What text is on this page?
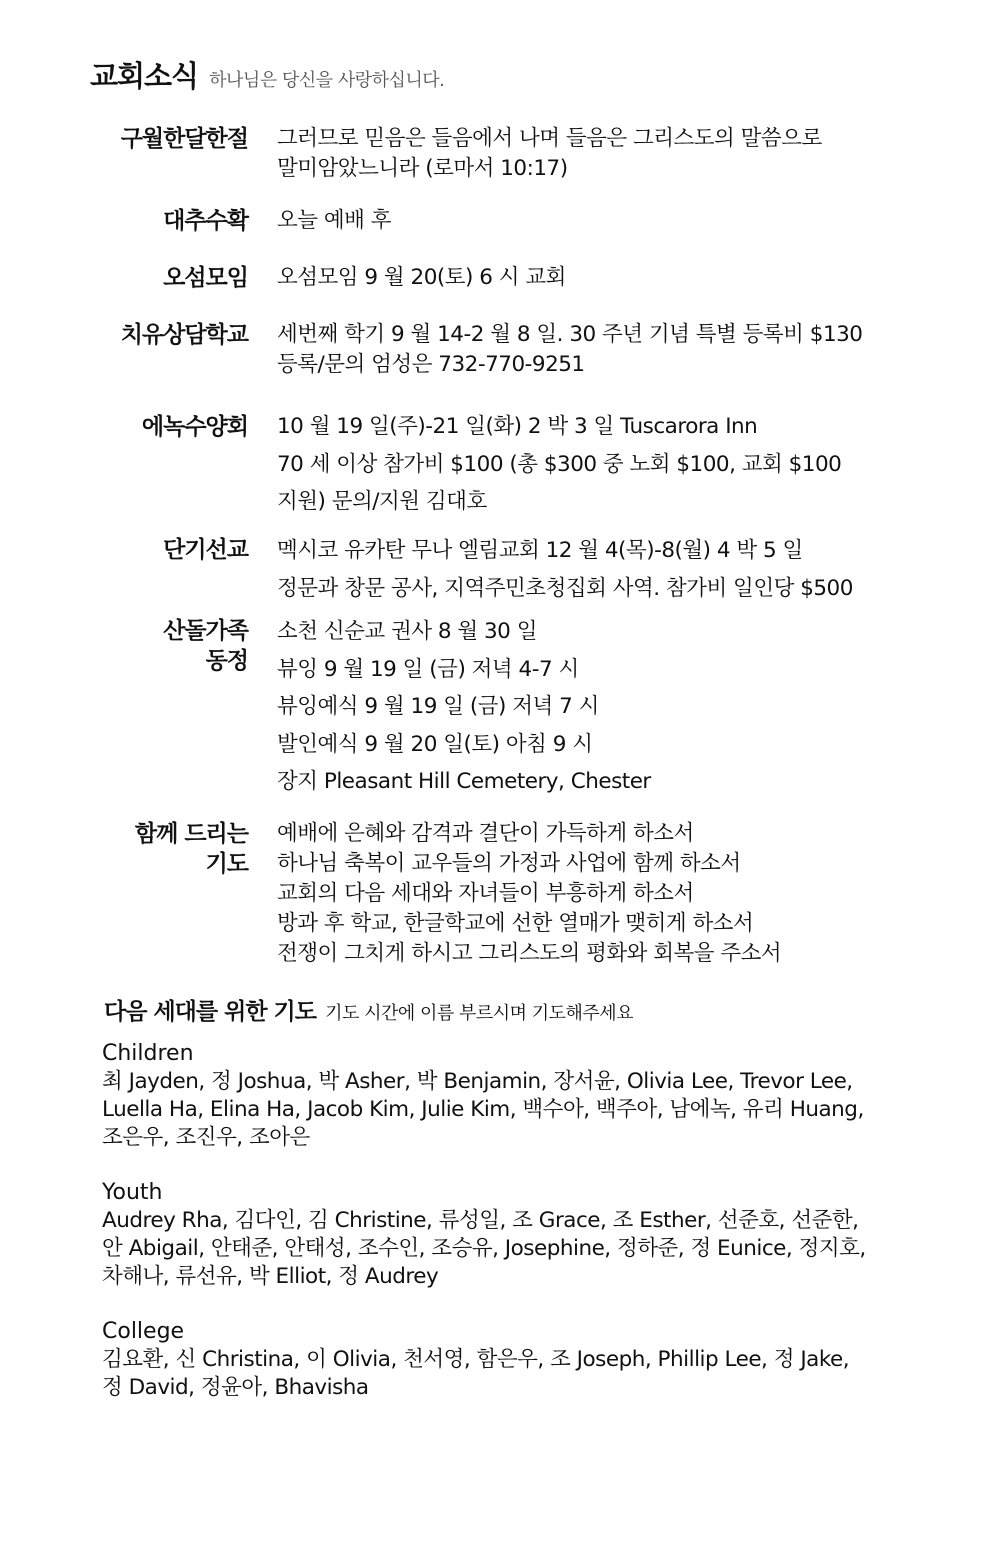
교회소식 하나님은 당신을 사랑하십니다.
구월한달한절 그러므로 믿음은 들음에서 나며 들음은 그리스도의 말씀으로
말미암았느니라 (로마서 10:17)
대추수확 오늘 예배 후
오섬모임 오섬모임 9 월 20(토) 6 시 교회
치유상담학교 세번째 학기 9 월 14-2 월 8 일. 30 주년 기념 특별 등록비 $130
등록/문의 엄성은 732-770-9251
에녹수양회 10 월 19 일(주)-21 일(화) 2 박 3 일 Tuscarora Inn
70 세 이상 참가비 $100 (총 $300 중 노회 $100, 교회 $100
지원) 문의/지원 김대호
단기선교 멕시코 유카탄 무나 엘림교회 12 월 4(목)-8(월) 4 박 5 일
정문과 창문 공사, 지역주민초청집회 사역. 참가비 일인당 $500
산돌가족
동정
소천 신순교 권사 8 월 30 일
뷰잉 9 월 19 일 (금) 저녁 4-7 시
뷰잉예식 9 월 19 일 (금) 저녁 7 시
발인예식 9 월 20 일(토) 아침 9 시
장지 Pleasant Hill Cemetery, Chester
함께 드리는
기도
예배에 은혜와 감격과 결단이 가득하게 하소서
하나님 축복이 교우들의 가정과 사업에 함께 하소서
교회의 다음 세대와 자녀들이 부흥하게 하소서
방과 후 학교, 한글학교에 선한 열매가 맺히게 하소서
전쟁이 그치게 하시고 그리스도의 평화와 회복을 주소서
다음 세대를 위한 기도 기도 시간에 이름 부르시며 기도해주세요
Children
최 Jayden, 정 Joshua, 박 Asher, 박 Benjamin, 장서윤, Olivia Lee, Trevor Lee,
Luella Ha, Elina Ha, Jacob Kim, Julie Kim, 백수아, 백주아, 남에녹, 유리 Huang,
조은우, 조진우, 조아은
Youth
Audrey Rha, 김다인, 김 Christine, 류성일, 조 Grace, 조 Esther, 선준호, 선준한,
안 Abigail, 안태준, 안태성, 조수인, 조승유, Josephine, 정하준, 정 Eunice, 정지호,
차해나, 류선유, 박 Elliot, 정 Audrey
College
김요환, 신 Christina, 이 Olivia, 천서영, 함은우, 조 Joseph, Phillip Lee, 정 Jake,
정 David, 정윤아, Bhavisha
